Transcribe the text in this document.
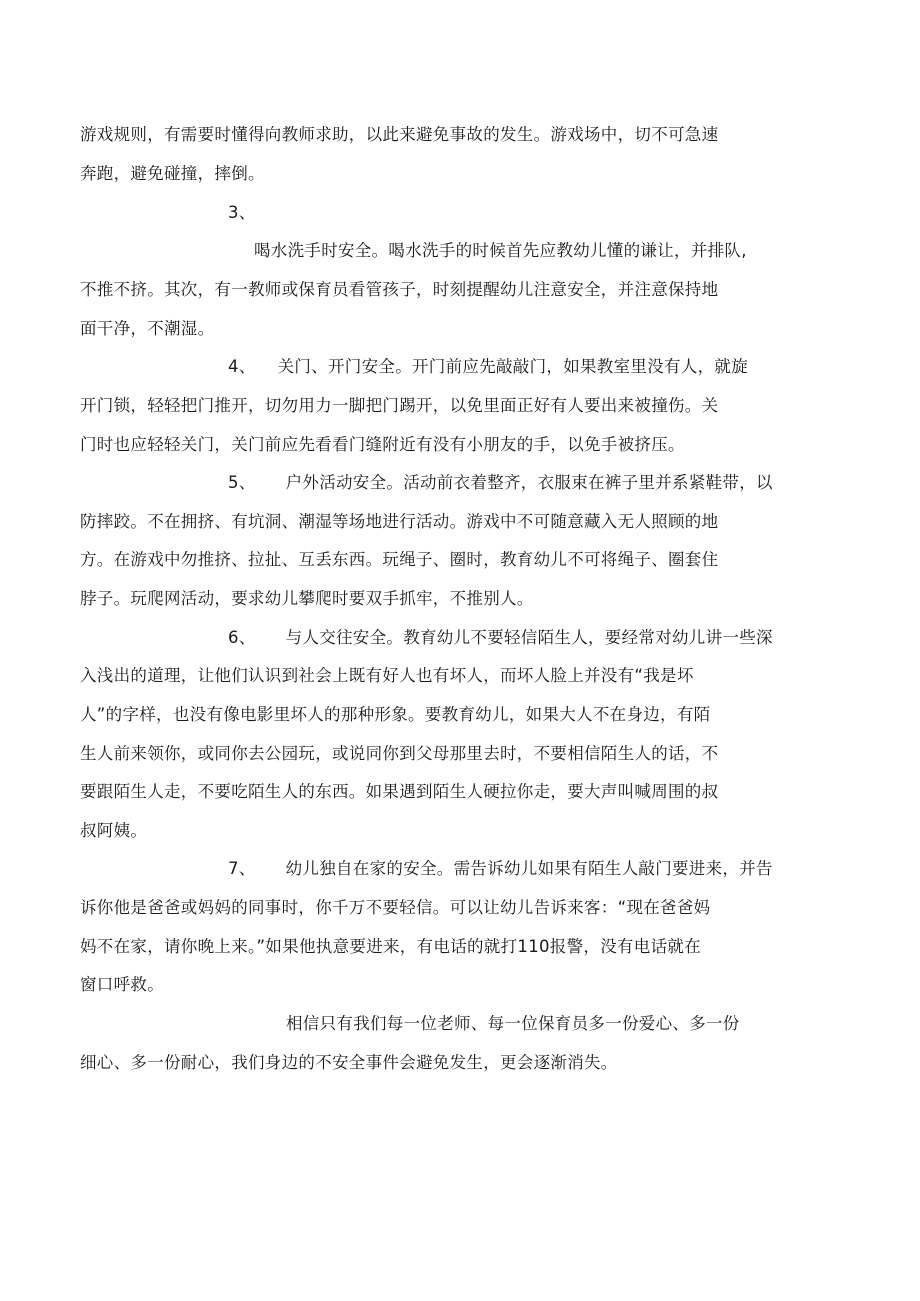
游戏规则，有需要时懂得向教师求助，以此来避免事故的发生。游戏场中，切不可急速
奔跑，避免碰撞，摔倒。
3、
喝水洗手时安全。喝水洗手的时候首先应教幼儿懂的谦让，并排队,
不推不挤。其次，有一教师或保育员看管孩子，时刻提醒幼儿注意安全，并注意保持地
面干净，不潮湿。
4、 关门、开门安全。开门前应先敲敲门，如果教室里没有人，就旋
开门锁，轻轻把门推开，切勿用力一脚把门踢开，以免里面正好有人要出来被撞伤。关
门时也应轻轻关门，关门前应先看看门缝附近有没有小朋友的手，以免手被挤压。
5、 户外活动安全。活动前衣着整齐，衣服束在裤子里并系紧鞋带，以
防摔跤。不在拥挤、有坑洞、潮湿等场地进行活动。游戏中不可随意藏入无人照顾的地
方。在游戏中勿推挤、拉扯、互丢东西。玩绳子、圈时，教育幼儿不可将绳子、圈套住
脖子。玩爬网活动，要求幼儿攀爬时要双手抓牢，不推别人。
6、 与人交往安全。教育幼儿不要轻信陌生人，要经常对幼儿讲一些深
入浅出的道理，让他们认识到社会上既有好人也有坏人，而坏人脸上并没有“我是坏
人”的字样，也没有像电影里坏人的那种形象。要教育幼儿，如果大人不在身边，有陌
生人前来领你，或同你去公园玩，或说同你到父母那里去时，不要相信陌生人的话，不
要跟陌生人走，不要吃陌生人的东西。如果遇到陌生人硬拉你走，要大声叫喊周围的叔
叔阿姨。
7、 幼儿独自在家的安全。需告诉幼儿如果有陌生人敲门要进来，并告
诉你他是爸爸或妈妈的同事时，你千万不要轻信。可以让幼儿告诉来客：“现在爸爸妈
妈不在家，请你晚上来。”如果他执意要进来，有电话的就打110报警，没有电话就在
窗口呼救。
相信只有我们每一位老师、每一位保育员多一份爱心、多一份
细心、多一份耐心，我们身边的不安全事件会避免发生，更会逐渐消失。
